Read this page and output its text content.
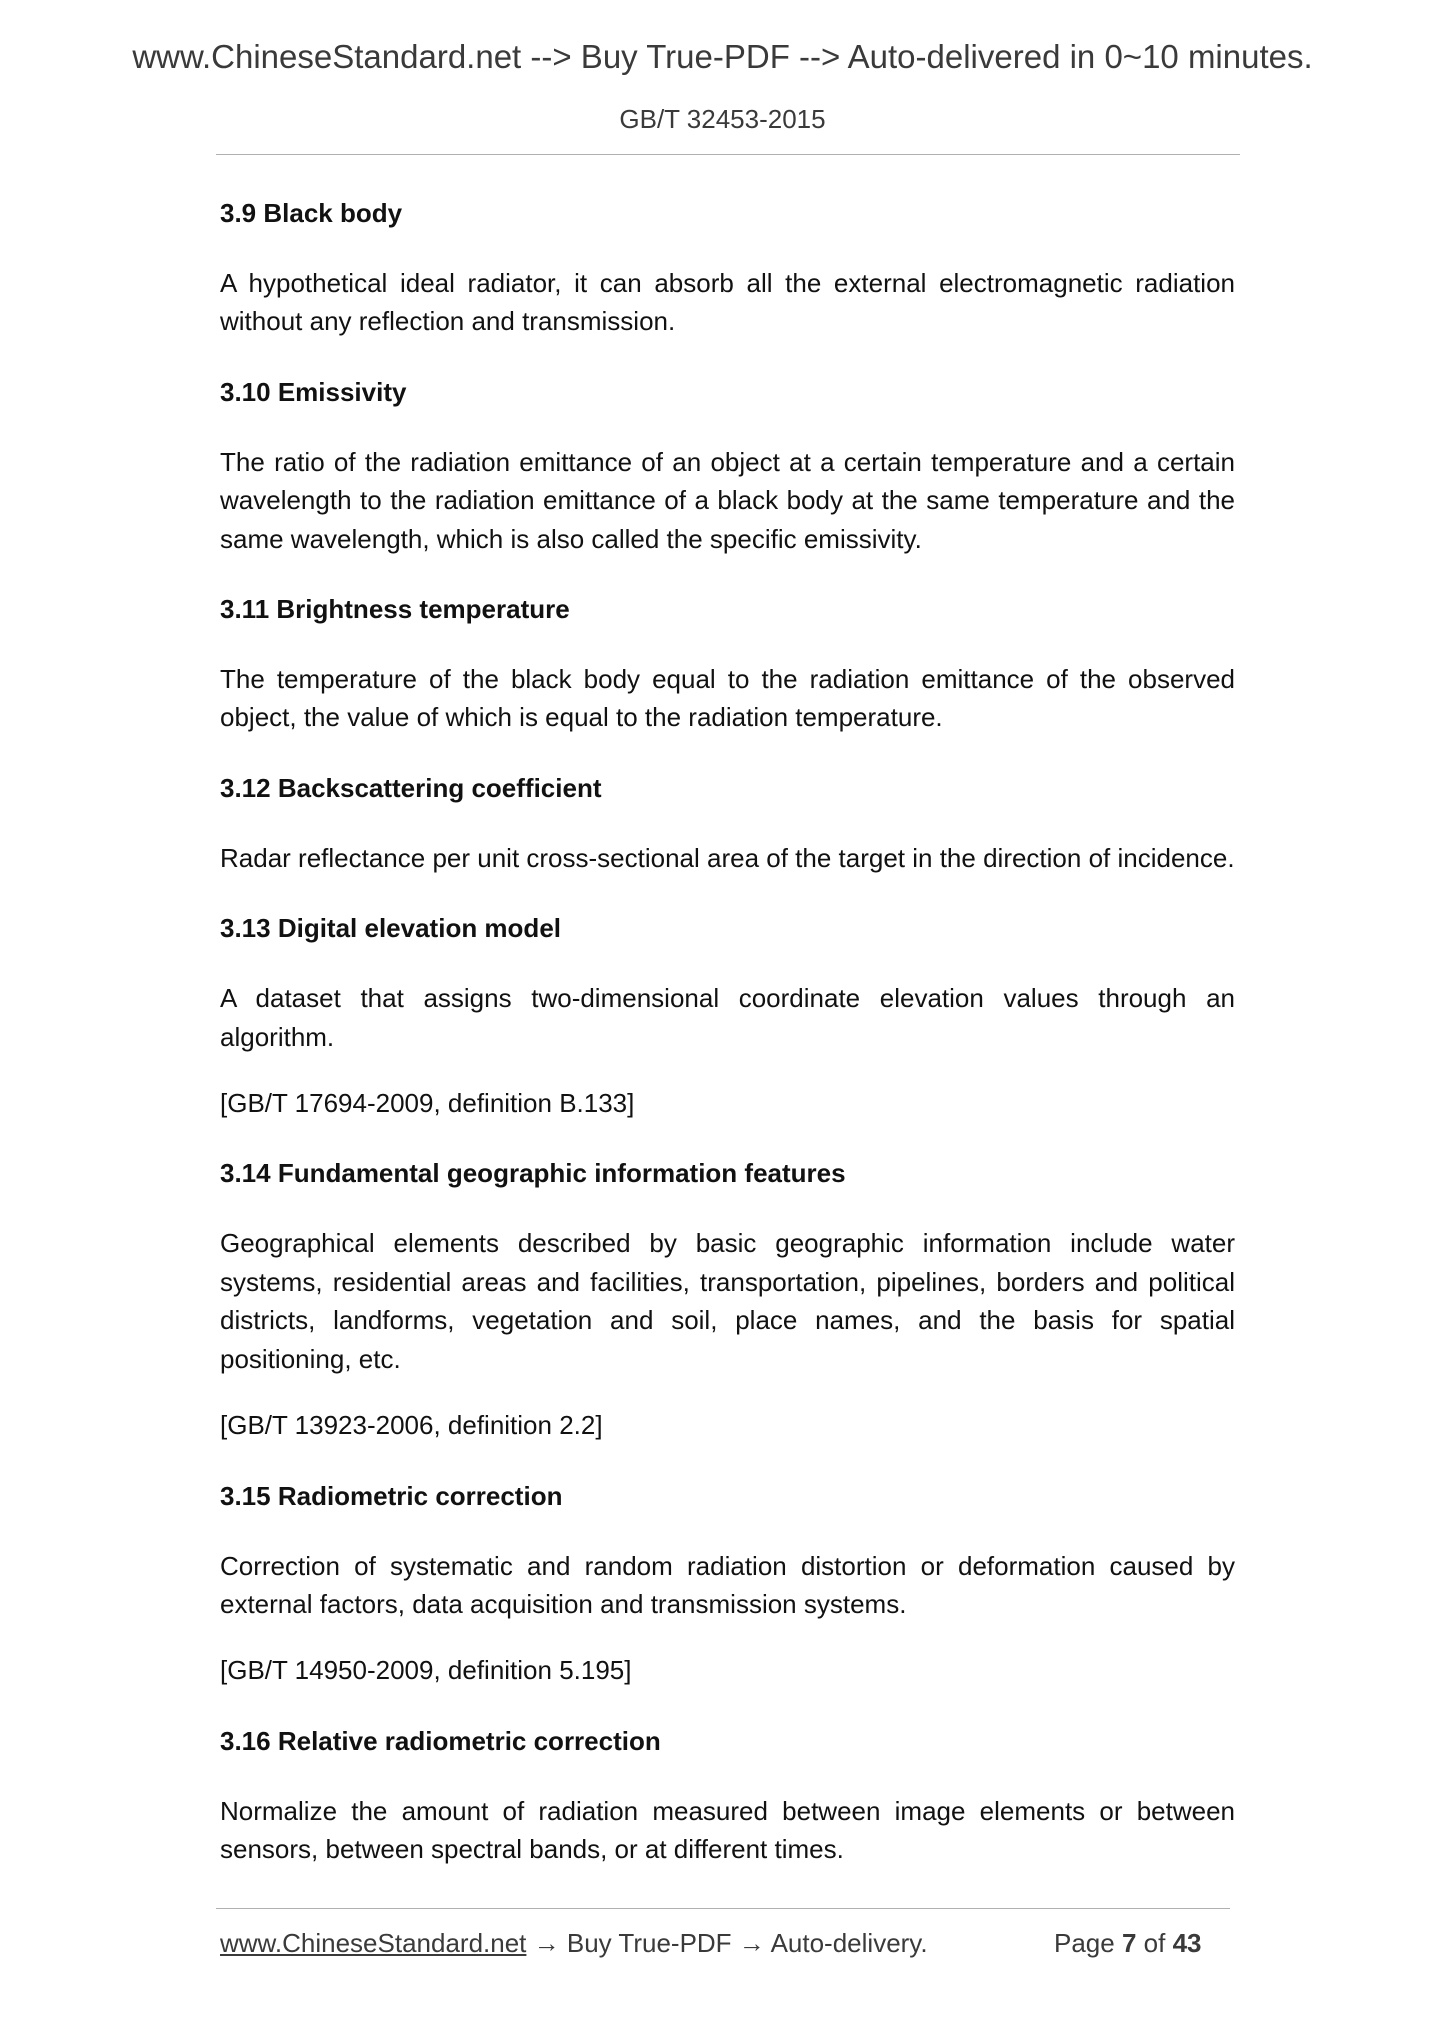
www.ChineseStandard.net --> Buy True-PDF --> Auto-delivered in 0~10 minutes.
GB/T 32453-2015

3.9 Black body

A hypothetical ideal radiator, it can absorb all the external electromagnetic radiation without any reflection and transmission.

3.10 Emissivity

The ratio of the radiation emittance of an object at a certain temperature and a certain wavelength to the radiation emittance of a black body at the same temperature and the same wavelength, which is also called the specific emissivity.

3.11 Brightness temperature

The temperature of the black body equal to the radiation emittance of the observed object, the value of which is equal to the radiation temperature.

3.12 Backscattering coefficient

Radar reflectance per unit cross-sectional area of the target in the direction of incidence.

3.13 Digital elevation model

A dataset that assigns two-dimensional coordinate elevation values through an algorithm.

[GB/T 17694-2009, definition B.133]

3.14 Fundamental geographic information features

Geographical elements described by basic geographic information include water systems, residential areas and facilities, transportation, pipelines, borders and political districts, landforms, vegetation and soil, place names, and the basis for spatial positioning, etc.

[GB/T 13923-2006, definition 2.2]

3.15 Radiometric correction

Correction of systematic and random radiation distortion or deformation caused by external factors, data acquisition and transmission systems.

[GB/T 14950-2009, definition 5.195]

3.16 Relative radiometric correction

Normalize the amount of radiation measured between image elements or between sensors, between spectral bands, or at different times.

www.ChineseStandard.net → Buy True-PDF → Auto-delivery.	Page 7 of 43
